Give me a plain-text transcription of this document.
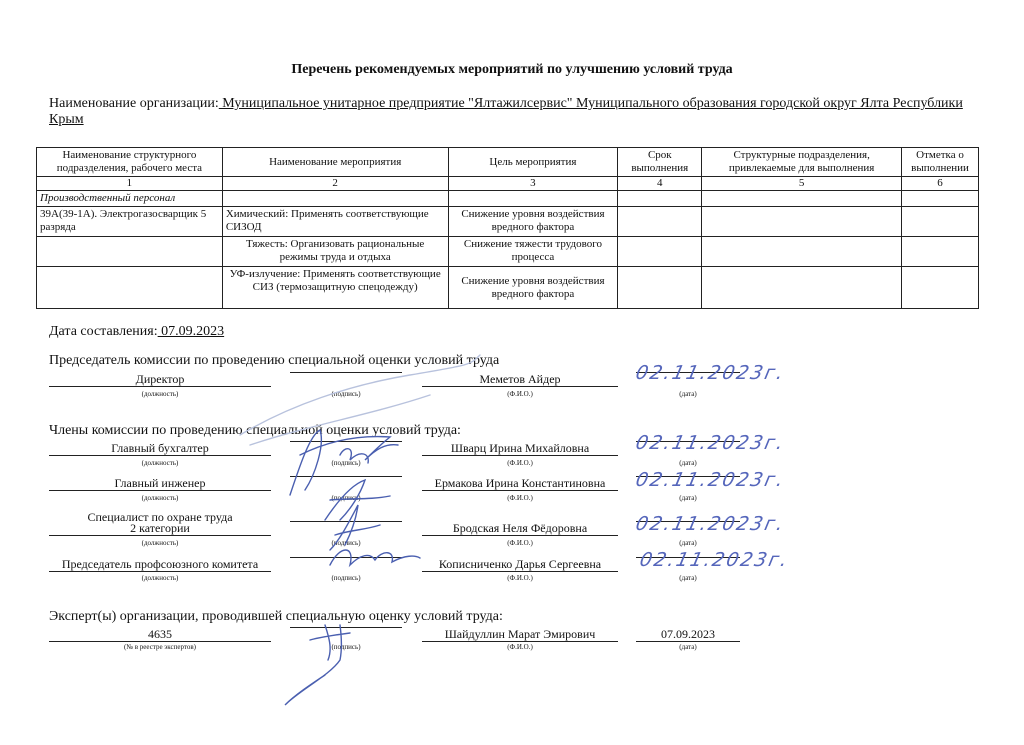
Перечень рекомендуемых мероприятий по улучшению условий труда
Наименование организации: Муниципальное унитарное предприятие "Ялтажилсервис" Муниципального образования городской округ Ялта Республики Крым
Наименование структурного подразделения, рабочего места	Наименование мероприятия	Цель мероприятия	Срок выполнения	Структурные подразделения, привлекаемые для выполнения	Отметка о выполнении
1	2	3	4	5	6
Производственный персонал					
39А(39-1А). Электрогазосварщик 5 разряда	Химический: Применять соответствующие СИЗОД	Снижение уровня воздействия вредного фактора			
	Тяжесть: Организовать рациональные режимы труда и отдыха	Снижение тяжести трудового процесса			
	УФ-излучение: Применять соответствующие СИЗ (термозащитную спецодежду)	Снижение уровня воздействия вредного фактора			
Дата составления: 07.09.2023
Председатель комиссии по проведению специальной оценки условий труда
Директор	Меметов Айдер
(должность)	(подпись)	(Ф.И.О.)	(дата)
02.11.2023г.
Члены комиссии по проведению специальной оценки условий труда:
Главный бухгалтер	Шварц Ирина Михайловна
(должность)	(подпись)	(Ф.И.О.)	(дата)
02.11.2023г.
Главный инженер	Ермакова Ирина Константиновна
(должность)	(подпись)	(Ф.И.О.)	(дата)
02.11.2023г.
Специалист по охране труда
2 категории	Бродская Неля Фёдоровна
(должность)	(подпись)	(Ф.И.О.)	(дата)
02.11.2023г.
Председатель профсоюзного комитета	Кописниченко Дарья Сергеевна
(должность)	(подпись)	(Ф.И.О.)	(дата)
02.11.2023г.
Эксперт(ы) организации, проводившей специальную оценку условий труда:
4635	Шайдуллин Марат Эмирович	07.09.2023
(№ в реестре экспертов)	(подпись)	(Ф.И.О.)	(дата)
